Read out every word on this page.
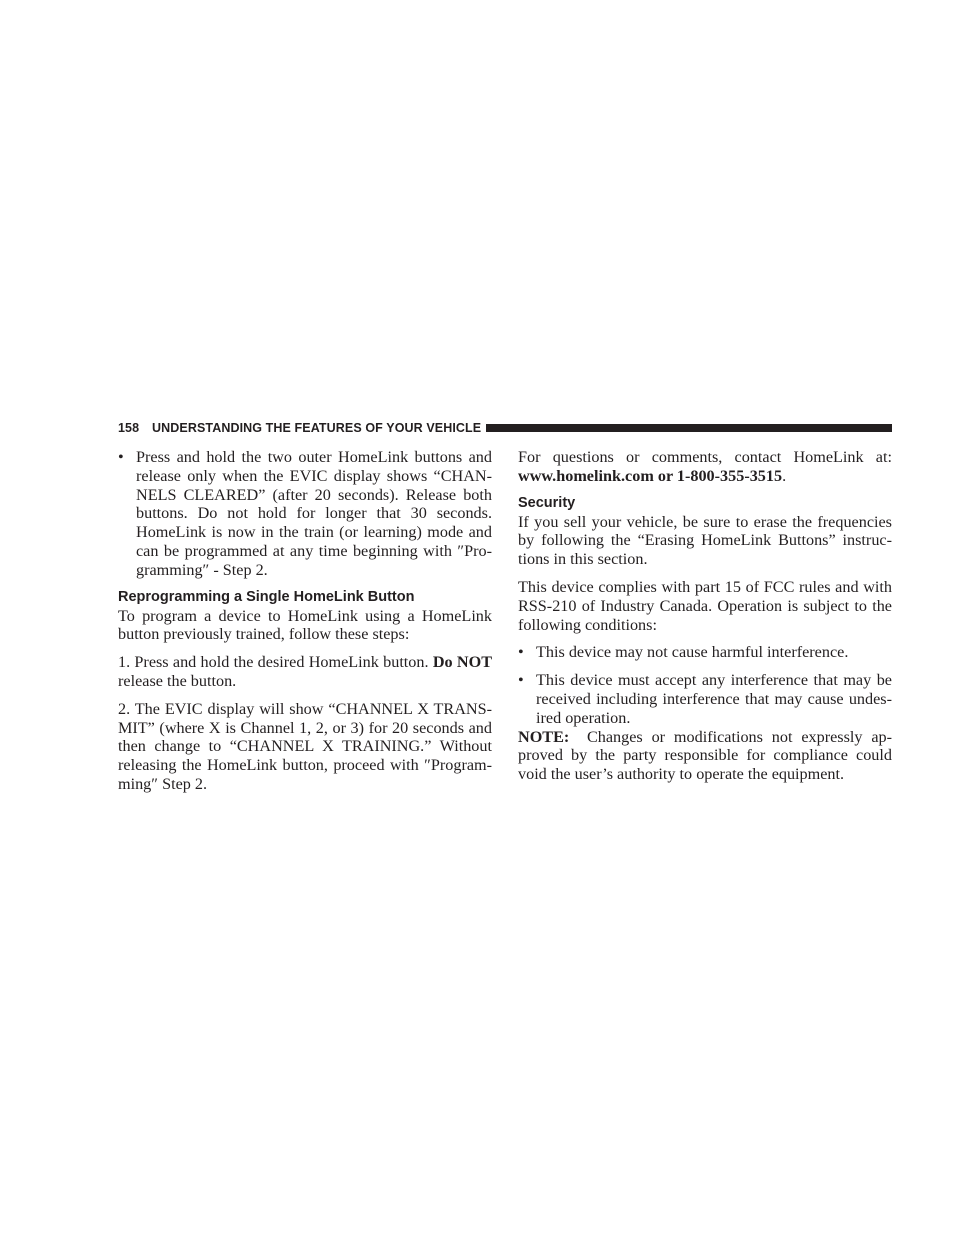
158 UNDERSTANDING THE FEATURES OF YOUR VEHICLE
• Press and hold the two outer HomeLink buttons and release only when the EVIC display shows “CHAN-NELS CLEARED” (after 20 seconds). Release both buttons. Do not hold for longer that 30 seconds. HomeLink is now in the train (or learning) mode and can be programmed at any time beginning with ″Pro-gramming″ - Step 2.
Reprogramming a Single HomeLink Button

To program a device to HomeLink using a HomeLink button previously trained, follow these steps:

1. Press and hold the desired HomeLink button. Do NOT release the button.

2. The EVIC display will show “CHANNEL X TRANS-MIT” (where X is Channel 1, 2, or 3) for 20 seconds and then change to “CHANNEL X TRAINING.” Without releasing the HomeLink button, proceed with ″Program-ming″ Step 2.

For questions or comments, contact HomeLink at: www.homelink.com or 1-800-355-3515.

Security

If you sell your vehicle, be sure to erase the frequencies by following the “Erasing HomeLink Buttons” instruc-tions in this section.

This device complies with part 15 of FCC rules and with RSS-210 of Industry Canada. Operation is subject to the following conditions:

• This device may not cause harmful interference.
• This device must accept any interference that may be received including interference that may cause undes-ired operation.

NOTE:  Changes or modifications not expressly ap-proved by the party responsible for compliance could void the user’s authority to operate the equipment.
